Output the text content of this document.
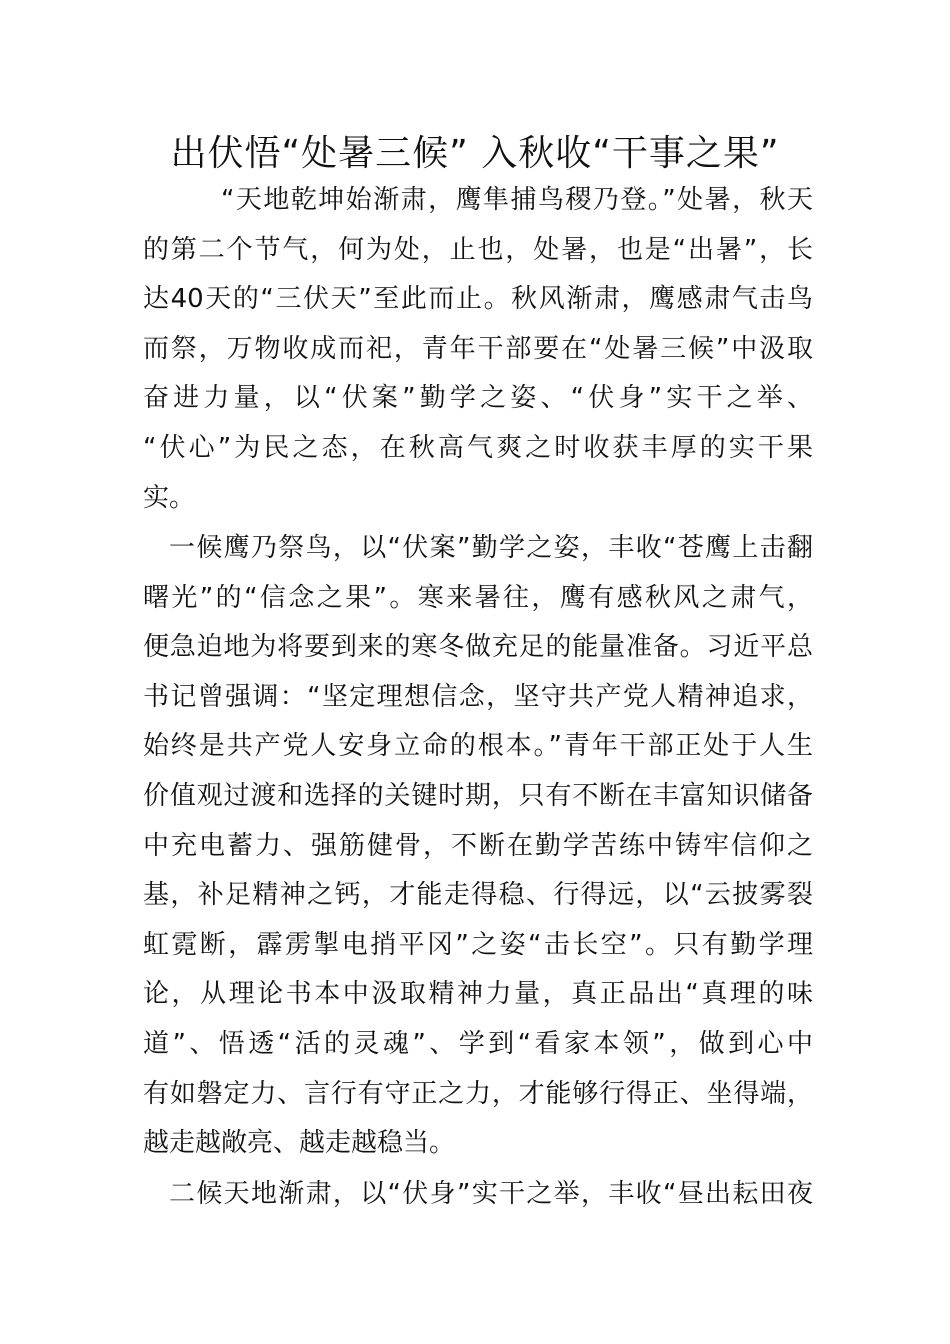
出伏悟“处暑三候” 入秋收“干事之果”
“天地乾坤始渐肃，鹰隼捕鸟稷乃登。”处暑，秋天
的第二个节气，何为处，止也，处暑，也是“出暑”，长
达40天的“三伏天”至此而止。秋风渐肃，鹰感肃气击鸟
而祭，万物收成而祀，青年干部要在“处暑三候”中汲取
奋进力量，以“伏案”勤学之姿、“伏身”实干之举、
“伏心”为民之态，在秋高气爽之时收获丰厚的实干果
实。
一候鹰乃祭鸟，以“伏案”勤学之姿，丰收“苍鹰上击翻
曙光”的“信念之果”。寒来暑往，鹰有感秋风之肃气，
便急迫地为将要到来的寒冬做充足的能量准备。习近平总
书记曾强调：“坚定理想信念，坚守共产党人精神追求，
始终是共产党人安身立命的根本。”青年干部正处于人生
价值观过渡和选择的关键时期，只有不断在丰富知识储备
中充电蓄力、强筋健骨，不断在勤学苦练中铸牢信仰之
基，补足精神之钙，才能走得稳、行得远，以“云披雾裂
虹霓断，霹雳掣电捎平冈”之姿“击长空”。只有勤学理
论，从理论书本中汲取精神力量，真正品出“真理的味
道”、悟透“活的灵魂”、学到“看家本领”，做到心中
有如磐定力、言行有守正之力，才能够行得正、坐得端，
越走越敞亮、越走越稳当。
二候天地渐肃，以“伏身”实干之举，丰收“昼出耘田夜
